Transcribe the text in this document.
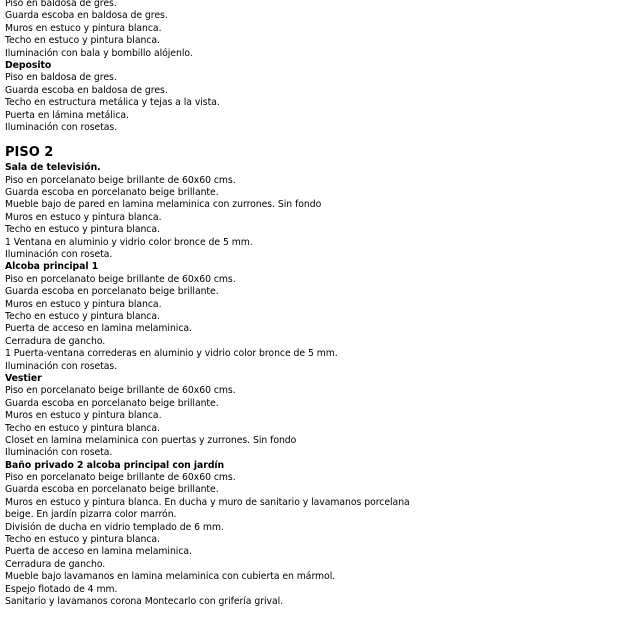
Piso en baldosa de gres.
Guarda escoba en baldosa de gres.
Muros en estuco y pintura blanca.
Techo en estuco y pintura blanca.
Iluminación con bala y bombillo alójenlo.
Deposito
Piso en baldosa de gres.
Guarda escoba en baldosa de gres.
Techo en estructura metálica y tejas a la vista.
Puerta en lámina metálica.
Iluminación con rosetas.
PISO 2
Sala de televisión.
Piso en porcelanato beige brillante de 60x60 cms.
Guarda escoba en porcelanato beige brillante.
Mueble bajo de pared en lamina melaminica con zurrones. Sin fondo
Muros en estuco y pintura blanca.
Techo en estuco y pintura blanca.
1 Ventana en aluminio y vidrio color bronce de 5 mm.
Iluminación con roseta.
Alcoba principal 1
Piso en porcelanato beige brillante de 60x60 cms.
Guarda escoba en porcelanato beige brillante.
Muros en estuco y pintura blanca.
Techo en estuco y pintura blanca.
Puerta de acceso en lamina melaminica.
Cerradura de gancho.
1 Puerta-ventana correderas en aluminio y vidrio color bronce de 5 mm.
Iluminación con rosetas.
Vestier
Piso en porcelanato beige brillante de 60x60 cms.
Guarda escoba en porcelanato beige brillante.
Muros en estuco y pintura blanca.
Techo en estuco y pintura blanca.
Closet en lamina melaminica con puertas y zurrones. Sin fondo
Iluminación con roseta.
Baño privado 2 alcoba principal con jardín
Piso en porcelanato beige brillante de 60x60 cms.
Guarda escoba en porcelanato beige brillante.
Muros en estuco y pintura blanca. En ducha y muro de sanitario y lavamanos porcelana beige. En jardín pizarra color marrón.
División de ducha en vidrio templado de 6 mm.
Techo en estuco y pintura blanca.
Puerta de acceso en lamina melaminica.
Cerradura de gancho.
Mueble bajo lavamanos en lamina melaminica con cubierta en mármol.
Espejo flotado de 4 mm.
Sanitario y lavamanos corona Montecarlo con grifería grival.
